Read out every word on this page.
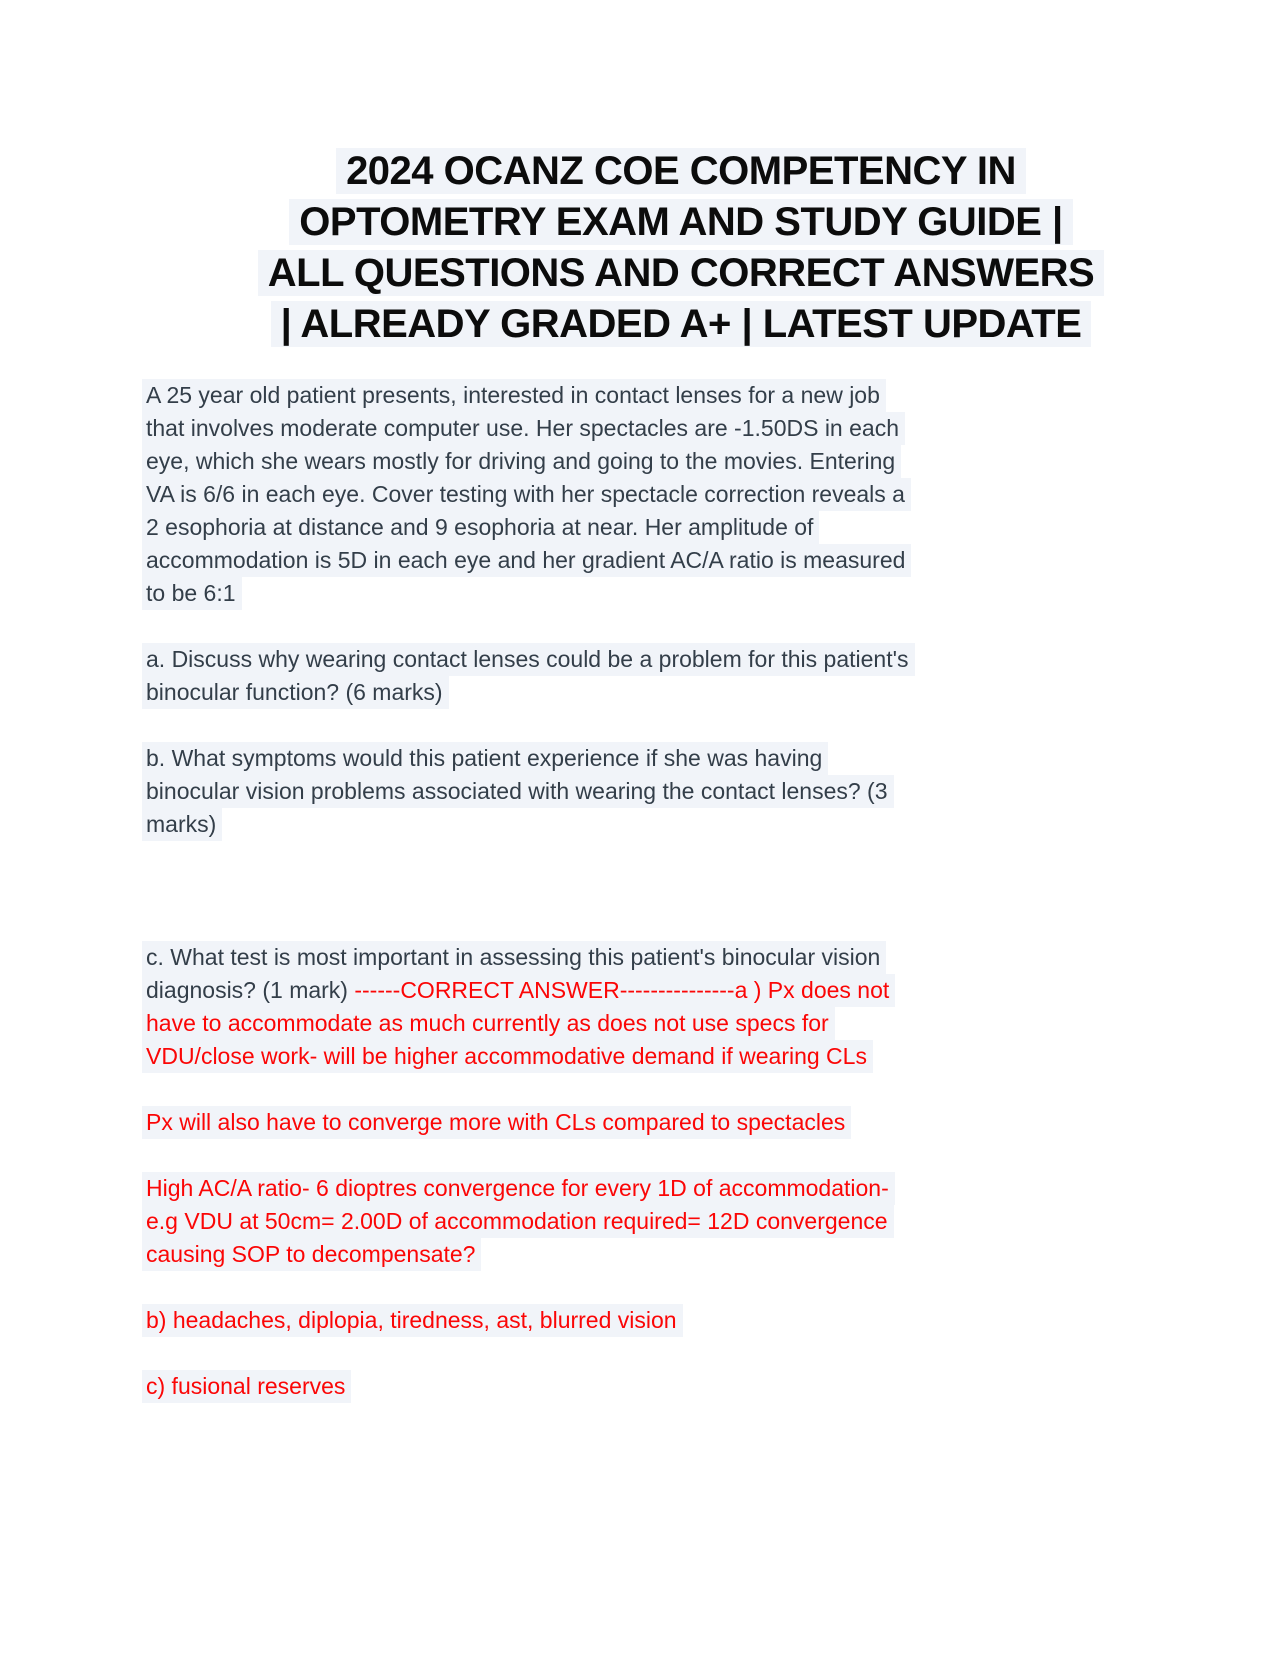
2024 OCANZ COE COMPETENCY IN
OPTOMETRY EXAM AND STUDY GUIDE |
ALL QUESTIONS AND CORRECT ANSWERS
| ALREADY GRADED A+ | LATEST UPDATE
A 25 year old patient presents, interested in contact lenses for a new job
that involves moderate computer use. Her spectacles are -1.50DS in each
eye, which she wears mostly for driving and going to the movies. Entering
VA is 6/6 in each eye. Cover testing with her spectacle correction reveals a
2 esophoria at distance and 9 esophoria at near. Her amplitude of
accommodation is 5D in each eye and her gradient AC/A ratio is measured
to be 6:1
a. Discuss why wearing contact lenses could be a problem for this patient's
binocular function? (6 marks)
b. What symptoms would this patient experience if she was having
binocular vision problems associated with wearing the contact lenses? (3
marks)
c. What test is most important in assessing this patient's binocular vision
diagnosis? (1 mark) ------CORRECT ANSWER---------------a ) Px does not
have to accommodate as much currently as does not use specs for
VDU/close work- will be higher accommodative demand if wearing CLs
Px will also have to converge more with CLs compared to spectacles
High AC/A ratio- 6 dioptres convergence for every 1D of accommodation-
e.g VDU at 50cm= 2.00D of accommodation required= 12D convergence
causing SOP to decompensate?
b) headaches, diplopia, tiredness, ast, blurred vision
c) fusional reserves
